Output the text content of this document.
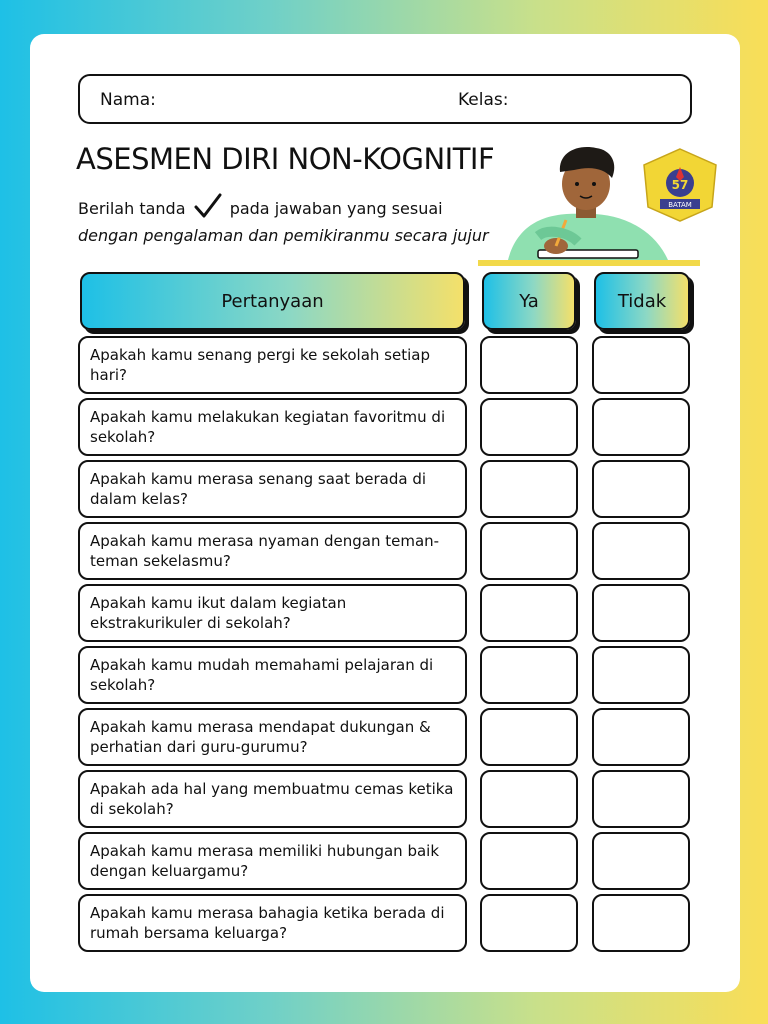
Nama:	Kelas:
ASESMEN DIRI NON-KOGNITIF
Berilah tanda	pada jawaban yang sesuai
dengan pengalaman dan pemikiranmu secara jujur
BATAM
57
Pertanyaan	Ya	Tidak
Apakah kamu senang pergi ke sekolah setiap hari?
Apakah kamu melakukan kegiatan favoritmu di sekolah?
Apakah kamu merasa senang saat berada di dalam kelas?
Apakah kamu merasa nyaman dengan teman-teman sekelasmu?
Apakah kamu ikut dalam kegiatan ekstrakurikuler di sekolah?
Apakah kamu mudah memahami pelajaran di sekolah?
Apakah kamu merasa mendapat dukungan & perhatian dari guru-gurumu?
Apakah ada hal yang membuatmu cemas ketika di sekolah?
Apakah kamu merasa memiliki hubungan baik dengan keluargamu?
Apakah kamu merasa bahagia ketika berada di rumah bersama keluarga?
